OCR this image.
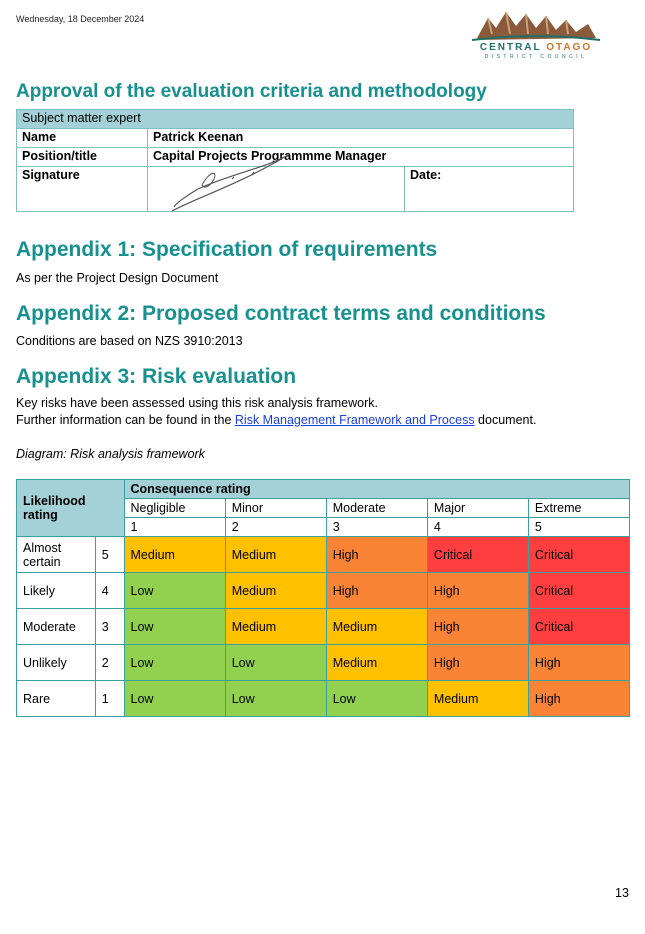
Wednesday, 18 December 2024
CENTRAL OTAGO
DISTRICT COUNCIL
Approval of the evaluation criteria and methodology
Subject matter expert		
Name	Patrick Keenan	
Position/title	Capital Projects Programmme Manager	
Signature		Date:
Appendix 1: Specification of requirements
As per the Project Design Document
Appendix 2: Proposed contract terms and conditions
Conditions are based on NZS 3910:2013
Appendix 3: Risk evaluation
Key risks have been assessed using this risk analysis framework.
Further information can be found in the Risk Management Framework and Process document.
Diagram: Risk analysis framework
Likelihood rating		Consequence rating				
		Negligible	Minor	Moderate	Major	Extreme
		1	2	3	4	5
Almost certain	5	Medium	Medium	High	Critical	Critical
Likely	4	Low	Medium	High	High	Critical
Moderate	3	Low	Medium	Medium	High	Critical
Unlikely	2	Low	Low	Medium	High	High
Rare	1	Low	Low	Low	Medium	High
13
